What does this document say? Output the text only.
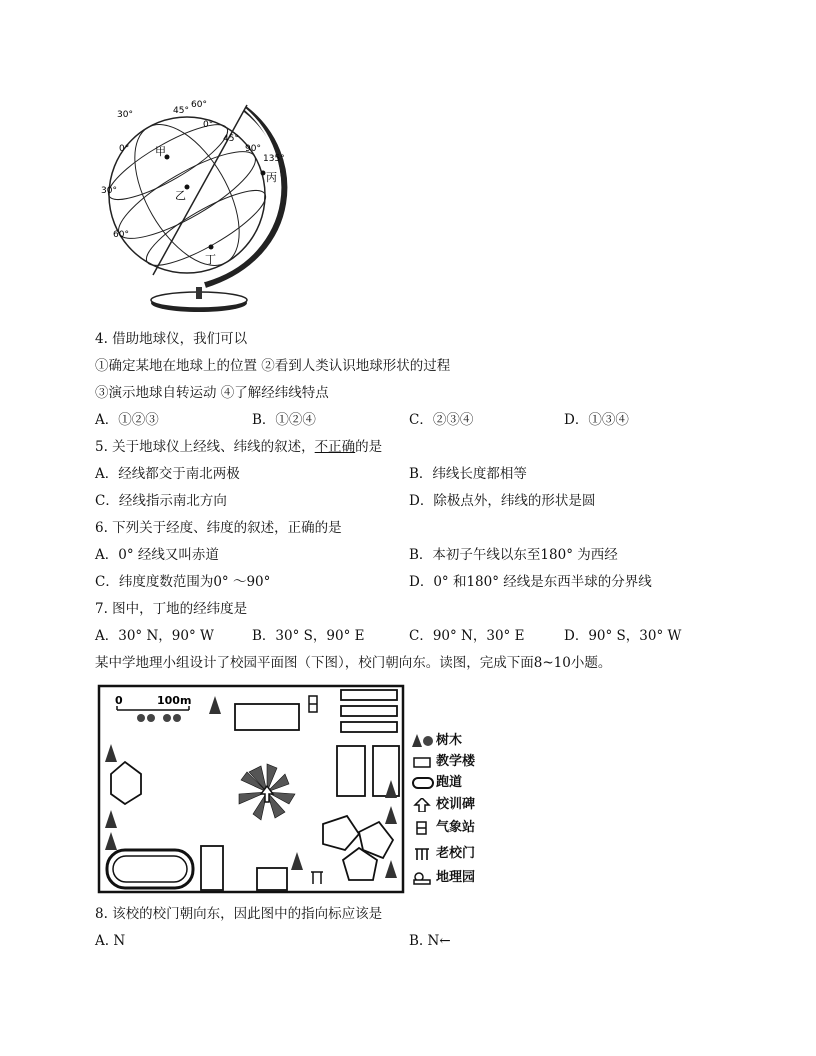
30°	45°
60°
0°
45°
90°
135°
0°
30°
60°
甲
乙
丙
丁
4. 借助地球仪，我们可以
①确定某地在地球上的位置 ②看到人类认识地球形状的过程
③演示地球自转运动 ④了解经纬线特点
A．①②③	B．①②④	C．②③④	D．①③④
5. 关于地球仪上经线、纬线的叙述，不正确的是
A．经线都交于南北两极	B．纬线长度都相等
C．经线指示南北方向	D．除极点外，纬线的形状是圆
6. 下列关于经度、纬度的叙述，正确的是
A．0° 经线又叫赤道	B．本初子午线以东至180° 为西经
C．纬度度数范围为0° ～90°	D．0° 和180° 经线是东西半球的分界线
7. 图中，丁地的经纬度是
A．30° N，90° W	B．30° S，90° E	C．90° N，30° E	D．90° S，30° W
某中学地理小组设计了校园平面图（下图），校门朝向东。读图，完成下面8~10小题。
0	100m
树木
教学楼
跑道
校训碑
气象站
老校门
地理园
8. 该校的校门朝向东，因此图中的指向标应该是
A. N	B. N←
